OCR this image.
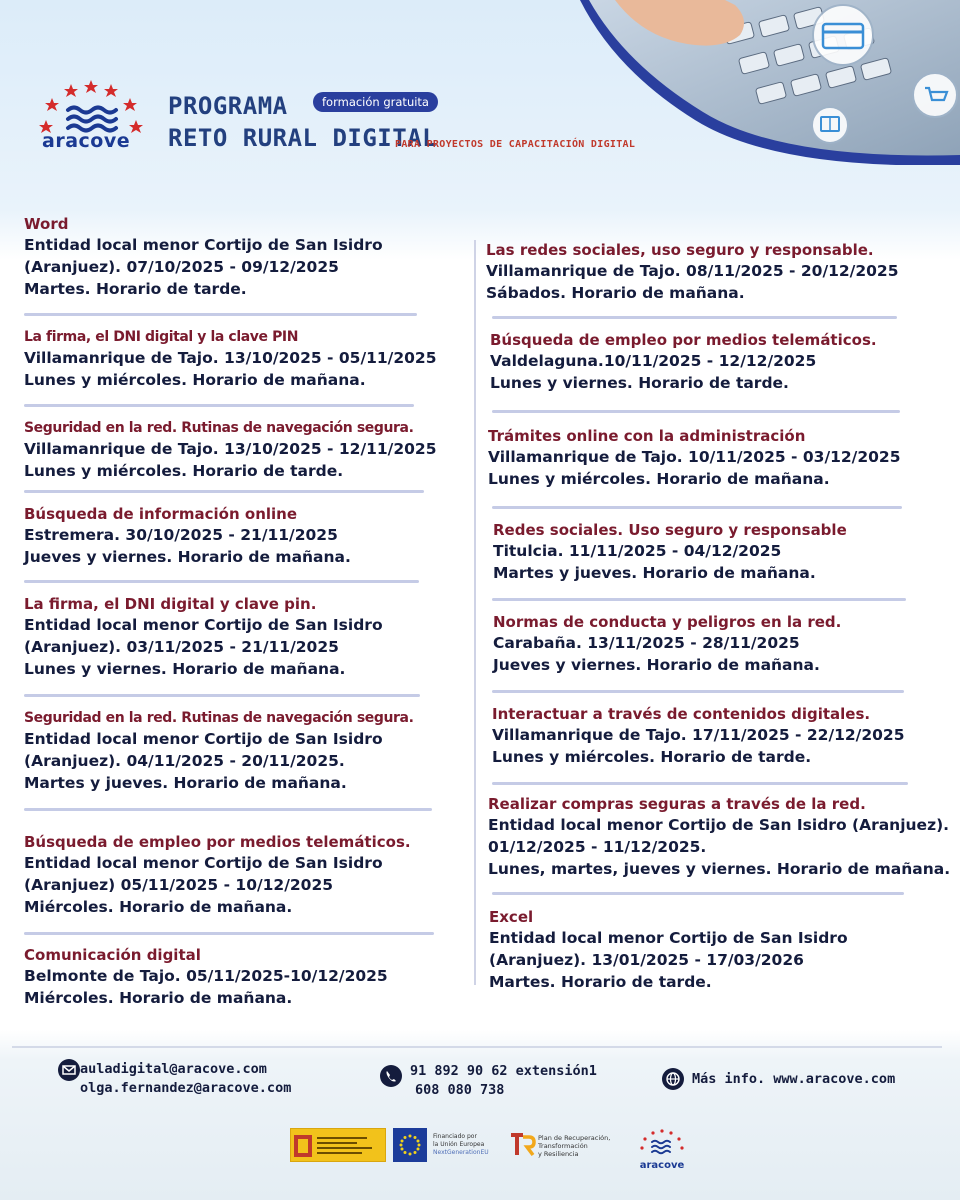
aracove
PROGRAMA
RETO RURAL DIGITAL
formación gratuita
PARA PROYECTOS DE CAPACITACIÓN DIGITAL
Word
Entidad local menor Cortijo de San Isidro
(Aranjuez). 07/10/2025 - 09/12/2025
Martes. Horario de tarde.
La firma, el DNI digital y la clave PIN
Villamanrique de Tajo. 13/10/2025 - 05/11/2025
Lunes y miércoles. Horario de mañana.
Seguridad en la red. Rutinas de navegación segura.
Villamanrique de Tajo. 13/10/2025 - 12/11/2025
Lunes y miércoles. Horario de tarde.
Búsqueda de información online
Estremera. 30/10/2025 - 21/11/2025
Jueves y viernes. Horario de mañana.
La firma, el DNI digital y clave pin.
Entidad local menor Cortijo de San Isidro
(Aranjuez). 03/11/2025 - 21/11/2025
Lunes y viernes. Horario de mañana.
Seguridad en la red. Rutinas de navegación segura.
Entidad local menor Cortijo de San Isidro
(Aranjuez). 04/11/2025 - 20/11/2025.
Martes y jueves. Horario de mañana.
Búsqueda de empleo por medios telemáticos.
Entidad local menor Cortijo de San Isidro
(Aranjuez) 05/11/2025 - 10/12/2025
Miércoles. Horario de mañana.
Comunicación digital
Belmonte de Tajo. 05/11/2025-10/12/2025
Miércoles. Horario de mañana.
Las redes sociales, uso seguro y responsable.
Villamanrique de Tajo. 08/11/2025 - 20/12/2025
Sábados. Horario de mañana.
Búsqueda de empleo por medios telemáticos.
Valdelaguna.10/11/2025 - 12/12/2025
Lunes y viernes. Horario de tarde.
Trámites online con la administración
Villamanrique de Tajo. 10/11/2025 - 03/12/2025
Lunes y miércoles. Horario de mañana.
Redes sociales. Uso seguro y responsable
Titulcia. 11/11/2025 - 04/12/2025
Martes y jueves. Horario de mañana.
Normas de conducta y peligros en la red.
Carabaña. 13/11/2025 - 28/11/2025
Jueves y viernes. Horario de mañana.
Interactuar a través de contenidos digitales.
Villamanrique de Tajo. 17/11/2025 - 22/12/2025
Lunes y miércoles. Horario de tarde.
Realizar compras seguras a través de la red.
Entidad local menor Cortijo de San Isidro (Aranjuez).
01/12/2025 - 11/12/2025.
Lunes, martes, jueves y viernes. Horario de mañana.
Excel
Entidad local menor Cortijo de San Isidro
(Aranjuez). 13/01/2025 - 17/03/2026
Martes. Horario de tarde.
auladigital@aracove.com
olga.fernandez@aracove.com
91 892 90 62 extensión1
608 080 738
Más info. www.aracove.com
Financiado por
la Unión Europea
NextGenerationEU
Plan de Recuperación,
Transformación
y Resiliencia
aracove
